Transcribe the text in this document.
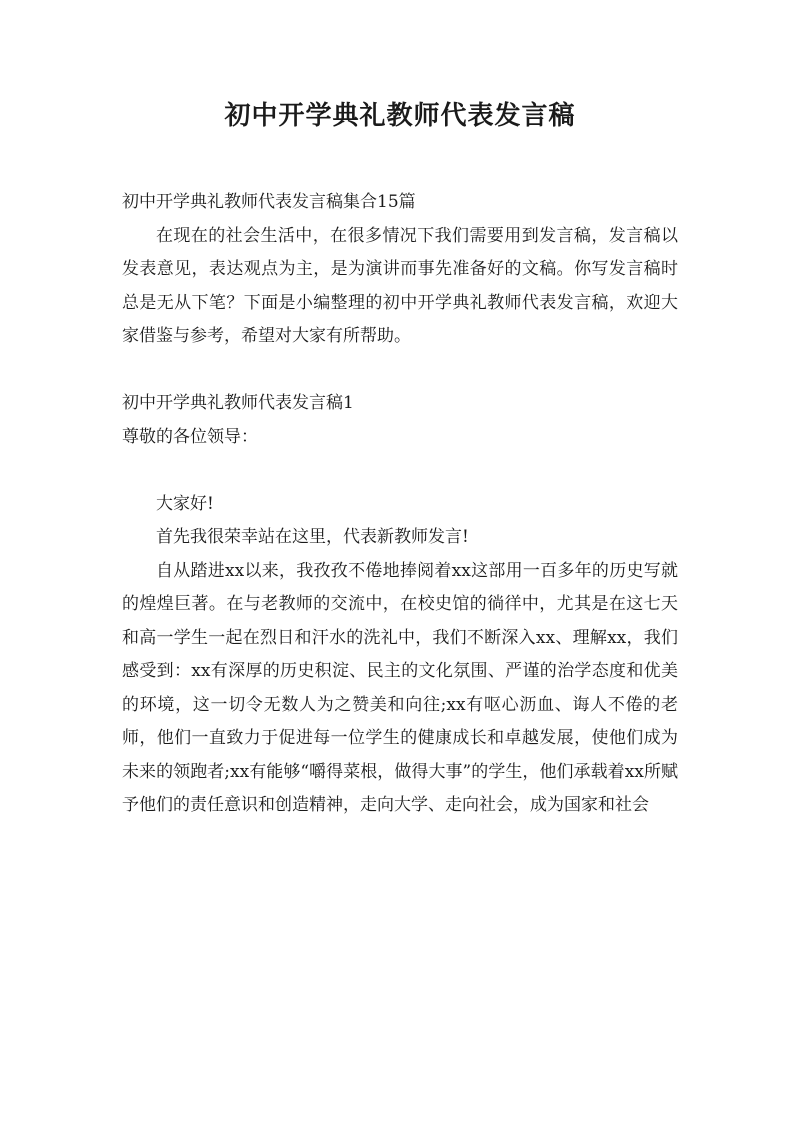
初中开学典礼教师代表发言稿

初中开学典礼教师代表发言稿集合15篇

在现在的社会生活中，在很多情况下我们需要用到发言稿，发言稿以发表意见，表达观点为主，是为演讲而事先准备好的文稿。你写发言稿时总是无从下笔？下面是小编整理的初中开学典礼教师代表发言稿，欢迎大家借鉴与参考，希望对大家有所帮助。

初中开学典礼教师代表发言稿1

尊敬的各位领导：

大家好!

首先我很荣幸站在这里，代表新教师发言!

自从踏进xx以来，我孜孜不倦地捧阅着xx这部用一百多年的历史写就的煌煌巨著。在与老教师的交流中，在校史馆的徜徉中，尤其是在这七天和高一学生一起在烈日和汗水的洗礼中，我们不断深入xx、理解xx，我们感受到：xx有深厚的历史积淀、民主的文化氛围、严谨的治学态度和优美的环境，这一切令无数人为之赞美和向往;xx有呕心沥血、诲人不倦的老师，他们一直致力于促进每一位学生的健康成长和卓越发展，使他们成为未来的领跑者;xx有能够“嚼得菜根，做得大事”的学生，他们承载着xx所赋予他们的责任意识和创造精神，走向大学、走向社会，成为国家和社会
